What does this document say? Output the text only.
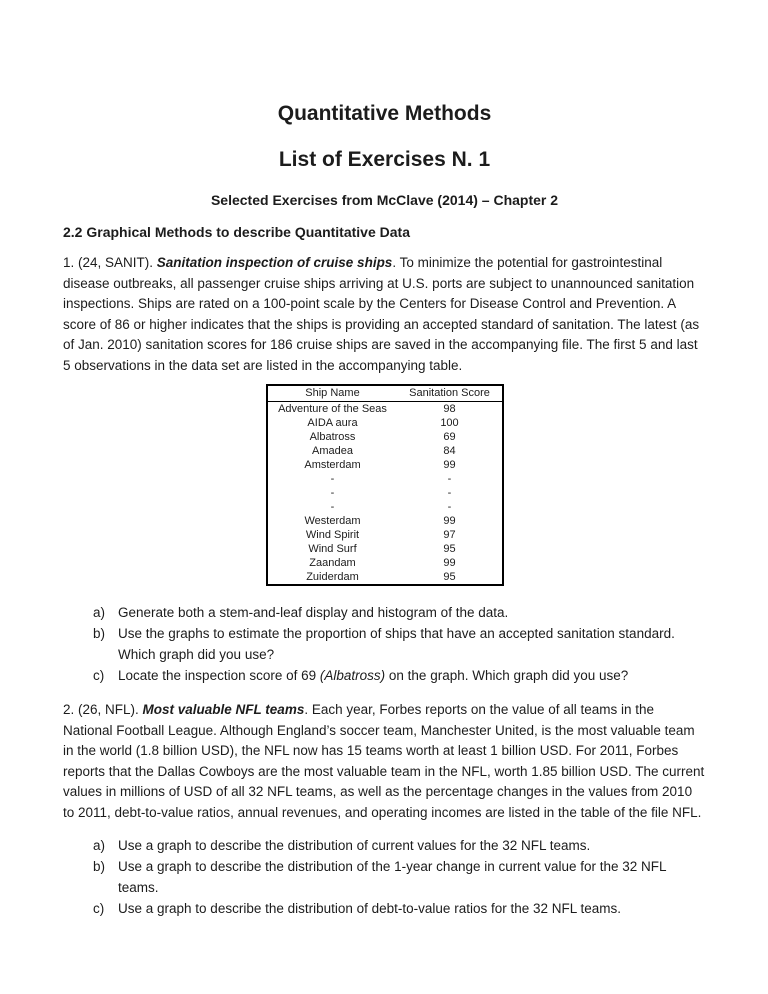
Quantitative Methods
List of Exercises N. 1
Selected Exercises from McClave (2014) – Chapter 2
2.2 Graphical Methods to describe Quantitative Data

1. (24, SANIT). Sanitation inspection of cruise ships. To minimize the potential for gastrointestinal disease outbreaks, all passenger cruise ships arriving at U.S. ports are subject to unannounced sanitation inspections. Ships are rated on a 100-point scale by the Centers for Disease Control and Prevention. A score of 86 or higher indicates that the ships is providing an accepted standard of sanitation. The latest (as of Jan. 2010) sanitation scores for 186 cruise ships are saved in the accompanying file. The first 5 and last 5 observations in the data set are listed in the accompanying table.

Ship Name	Sanitation Score
Adventure of the Seas	98
AIDA aura	100
Albatross	69
Amadea	84
Amsterdam	99
-	-
-	-
-	-
Westerdam	99
Wind Spirit	97
Wind Surf	95
Zaandam	99
Zuiderdam	95
a) Generate both a stem-and-leaf display and histogram of the data.
b) Use the graphs to estimate the proportion of ships that have an accepted sanitation standard. Which graph did you use?
c)	Locate the inspection score of 69 (Albatross) on the graph. Which graph did you use?

2. (26, NFL). Most valuable NFL teams. Each year, Forbes reports on the value of all teams in the National Football League. Although England’s soccer team, Manchester United, is the most valuable team in the world (1.8 billion USD), the NFL now has 15 teams worth at least 1 billion USD. For 2011, Forbes reports that the Dallas Cowboys are the most valuable team in the NFL, worth 1.85 billion USD. The current values in millions of USD of all 32 NFL teams, as well as the percentage changes in the values from 2010 to 2011, debt-to-value ratios, annual revenues, and operating incomes are listed in the table of the file NFL.

a) Use a graph to describe the distribution of current values for the 32 NFL teams.
b) Use a graph to describe the distribution of the 1-year change in current value for the 32 NFL teams.
c)	Use a graph to describe the distribution of debt-to-value ratios for the 32 NFL teams.
